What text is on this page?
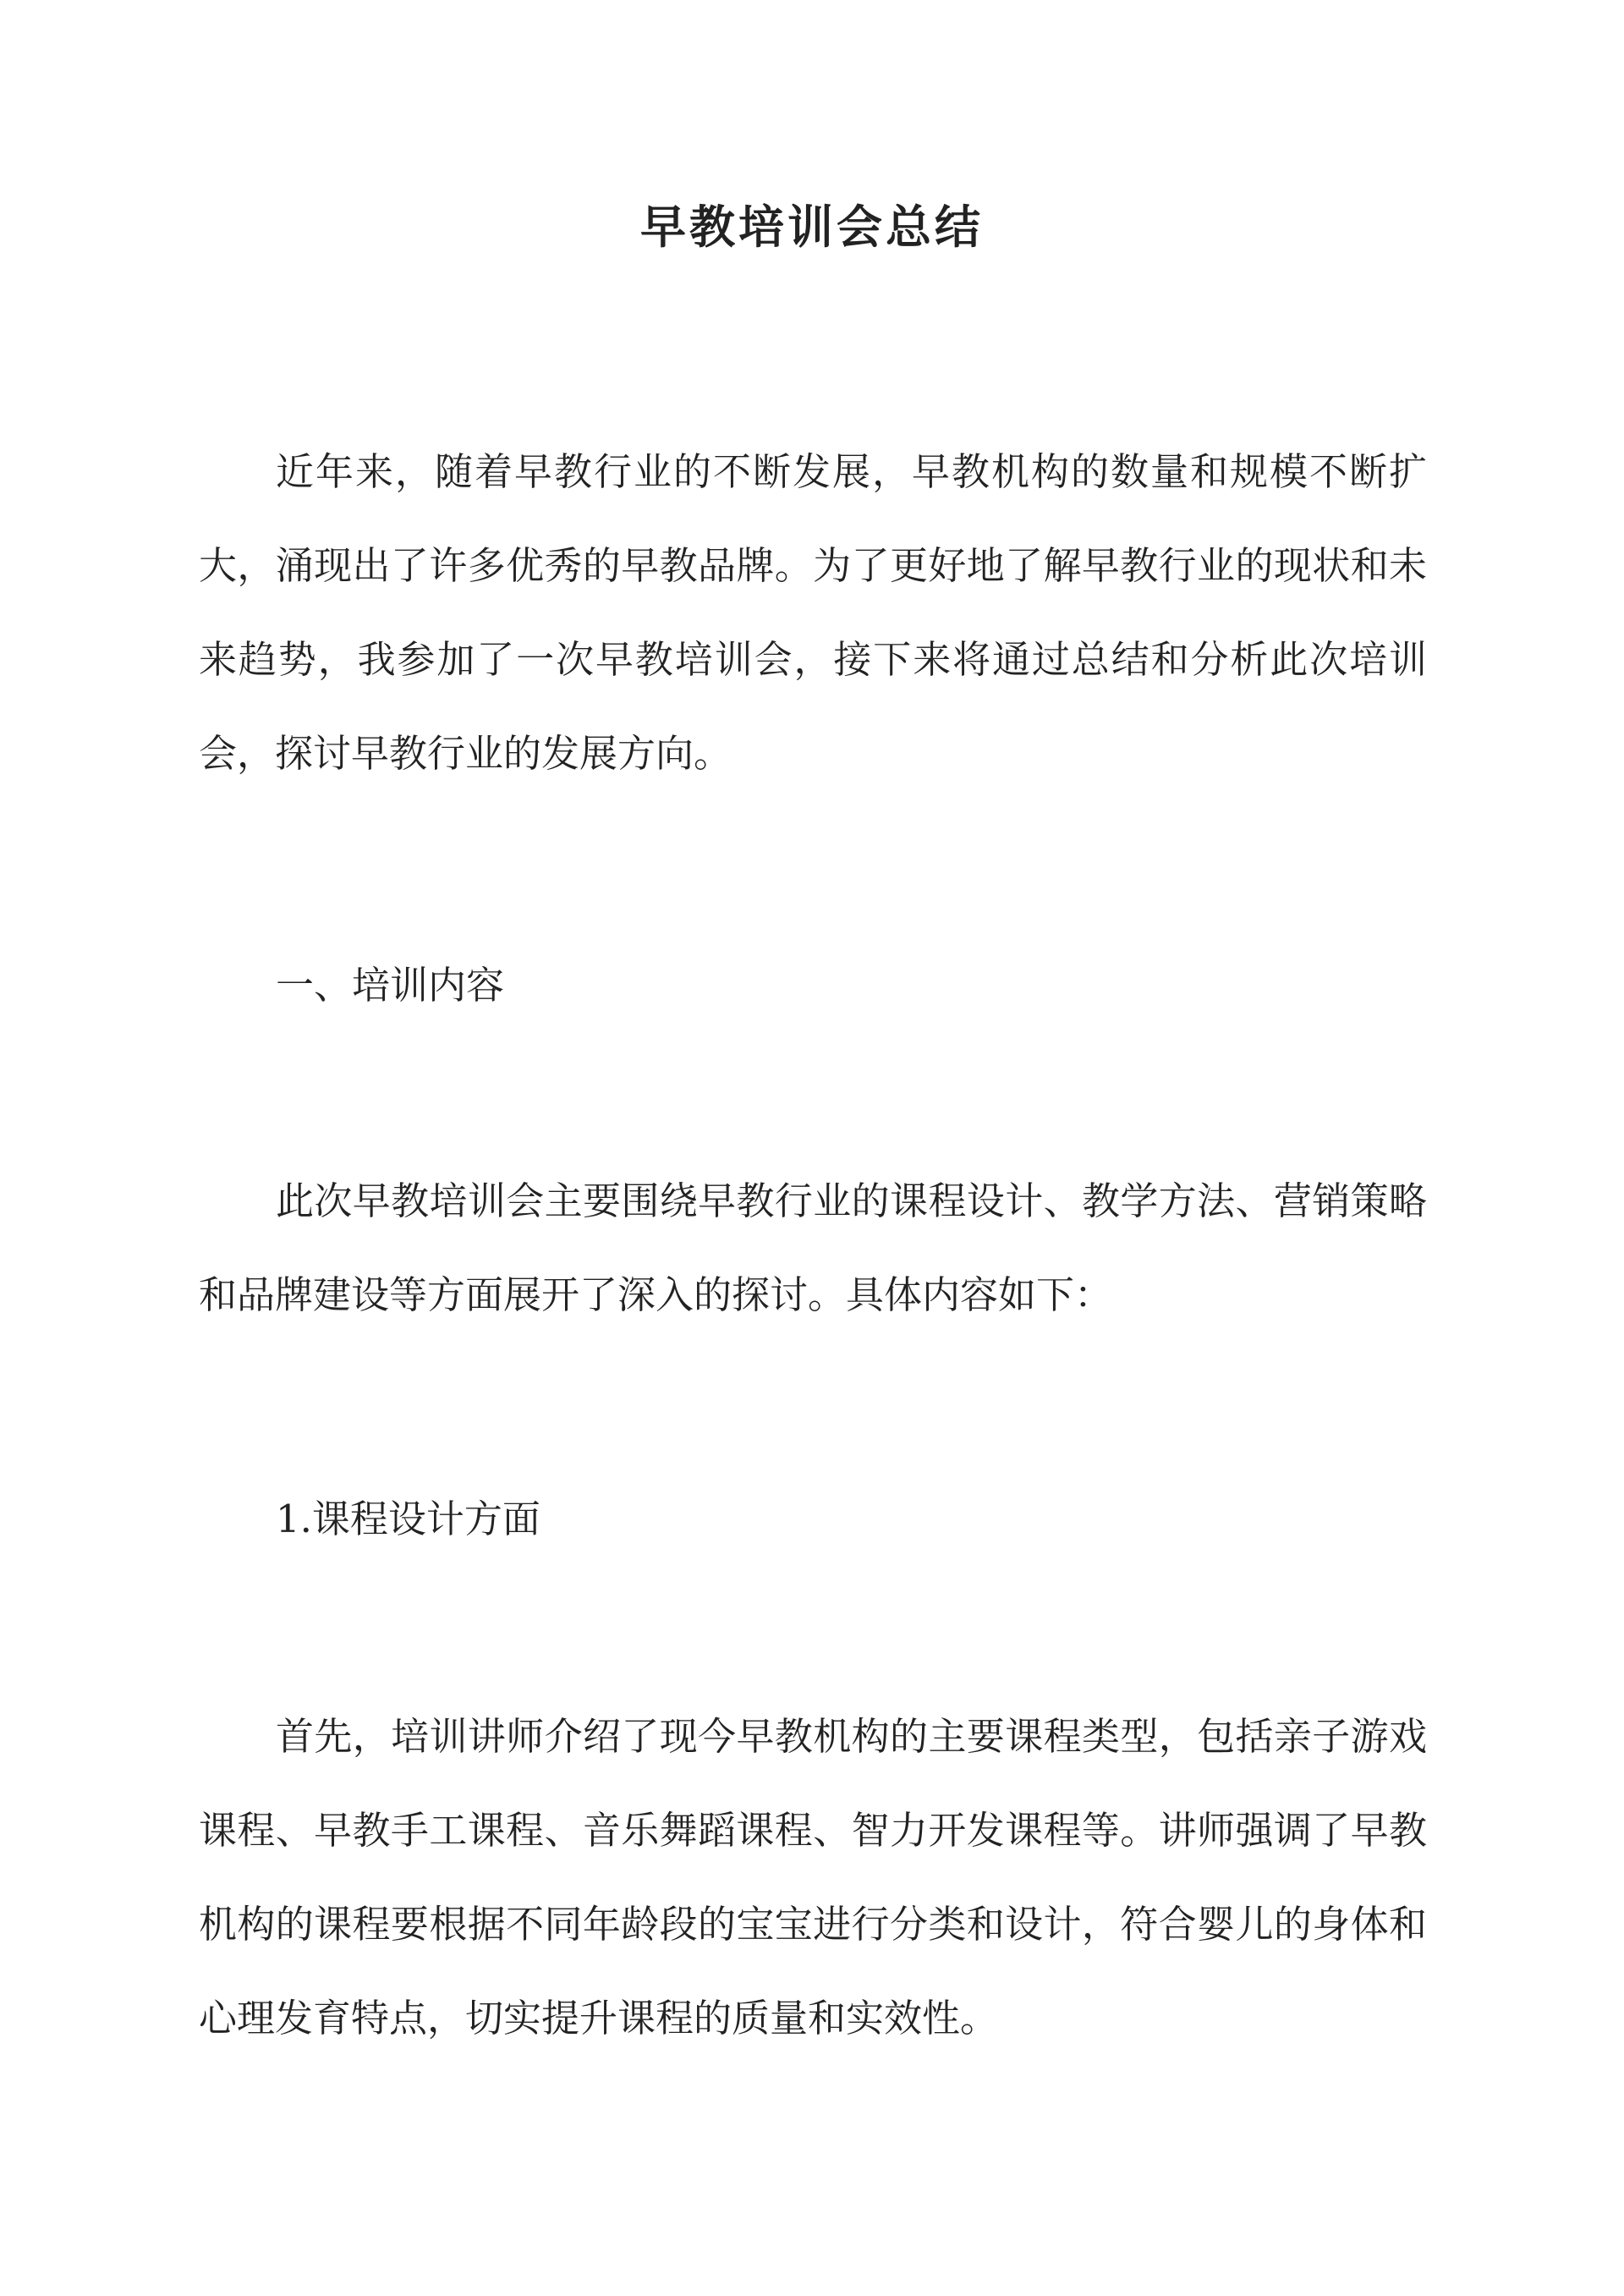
早教培训会总结

近年来，随着早教行业的不断发展，早教机构的数量和规模不断扩大，涌现出了许多优秀的早教品牌。为了更好地了解早教行业的现状和未来趋势，我参加了一次早教培训会，接下来将通过总结和分析此次培训会，探讨早教行业的发展方向。

一、培训内容

此次早教培训会主要围绕早教行业的课程设计、教学方法、营销策略和品牌建设等方面展开了深入的探讨。具体内容如下：

1.课程设计方面

首先，培训讲师介绍了现今早教机构的主要课程类型，包括亲子游戏课程、早教手工课程、音乐舞蹈课程、智力开发课程等。讲师强调了早教机构的课程要根据不同年龄段的宝宝进行分类和设计，符合婴儿的身体和心理发育特点，切实提升课程的质量和实效性。
